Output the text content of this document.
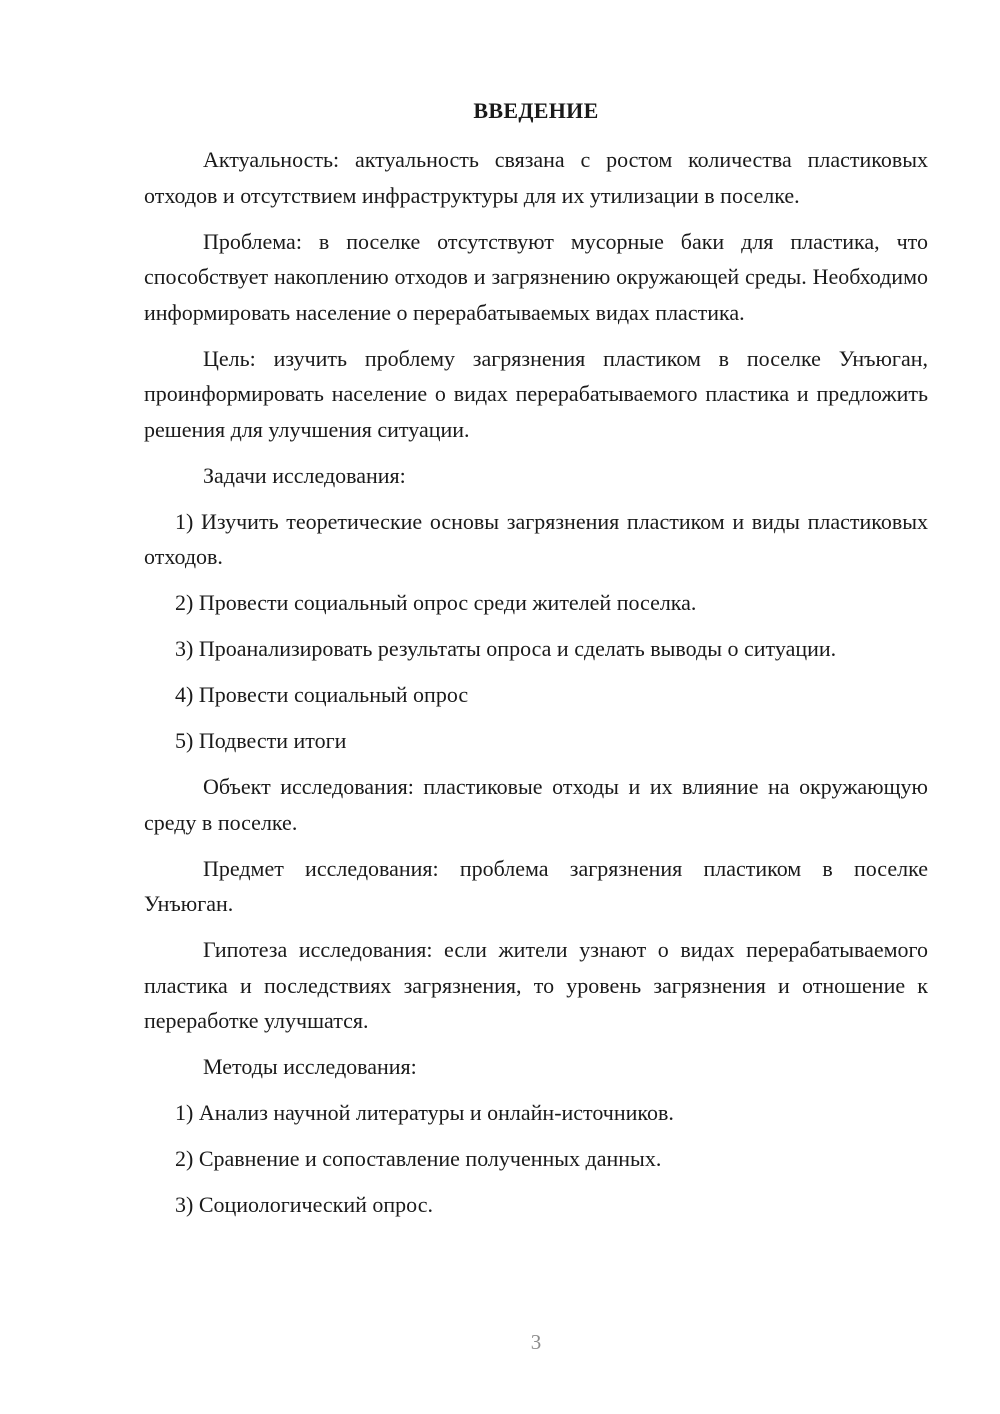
ВВЕДЕНИЕ

Актуальность: актуальность связана с ростом количества пластиковых отходов и отсутствием инфраструктуры для их утилизации в поселке.

Проблема: в поселке отсутствуют мусорные баки для пластика, что способствует накоплению отходов и загрязнению окружающей среды. Необходимо информировать население о перерабатываемых видах пластика.

Цель: изучить проблему загрязнения пластиком в поселке Унъюган, проинформировать население о видах перерабатываемого пластика и предложить решения для улучшения ситуации.

Задачи исследования:

1) Изучить теоретические основы загрязнения пластиком и виды пластиковых отходов.

2) Провести социальный опрос среди жителей поселка.

3) Проанализировать результаты опроса и сделать выводы о ситуации.

4) Провести социальный опрос

5) Подвести итоги

Объект исследования: пластиковые отходы и их влияние на окружающую среду в поселке.

Предмет исследования: проблема загрязнения пластиком в поселке Унъюган.

Гипотеза исследования: если жители узнают о видах перерабатываемого пластика и последствиях загрязнения, то уровень загрязнения и отношение к переработке улучшатся.

Методы исследования:

1) Анализ научной литературы и онлайн-источников.

2) Сравнение и сопоставление полученных данных.

3) Социологический опрос.

3
